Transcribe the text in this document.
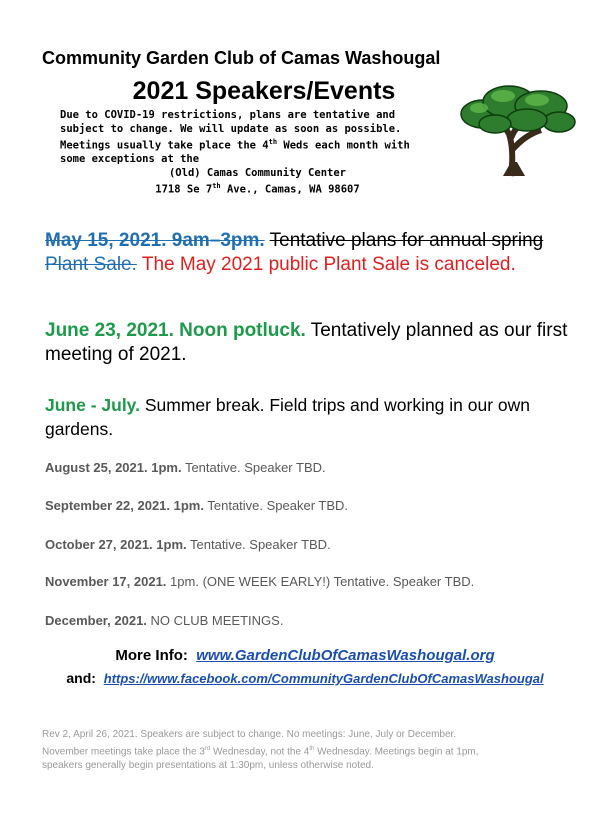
Community Garden Club of Camas Washougal
2021 Speakers/Events

Due to COVID-19 restrictions, plans are tentative and

subject to change. We will update as soon as possible.

Meetings usually take place the 4th Weds each month with

some exceptions at the

(Old) Camas Community Center

1718 Se 7th Ave., Camas, WA 98607

May 15, 2021. 9am–3pm. Tentative plans for annual spring Plant Sale. The May 2021 public Plant Sale is canceled.
June 23, 2021. Noon potluck. Tentatively planned as our first meeting of 2021.
June - July. Summer break. Field trips and working in our own gardens.
August 25, 2021. 1pm. Tentative. Speaker TBD.
September 22, 2021. 1pm. Tentative. Speaker TBD.
October 27, 2021. 1pm. Tentative. Speaker TBD.
November 17, 2021. 1pm. (ONE WEEK EARLY!) Tentative. Speaker TBD.
December, 2021. NO CLUB MEETINGS.
More Info: www.GardenClubOfCamasWashougal.org
and: https://www.facebook.com/CommunityGardenClubOfCamasWashougal

Rev 2, April 26, 2021. Speakers are subject to change. No meetings: June, July or December.

November meetings take place the 3rd Wednesday, not the 4th Wednesday. Meetings begin at 1pm,

speakers generally begin presentations at 1:30pm, unless otherwise noted.
